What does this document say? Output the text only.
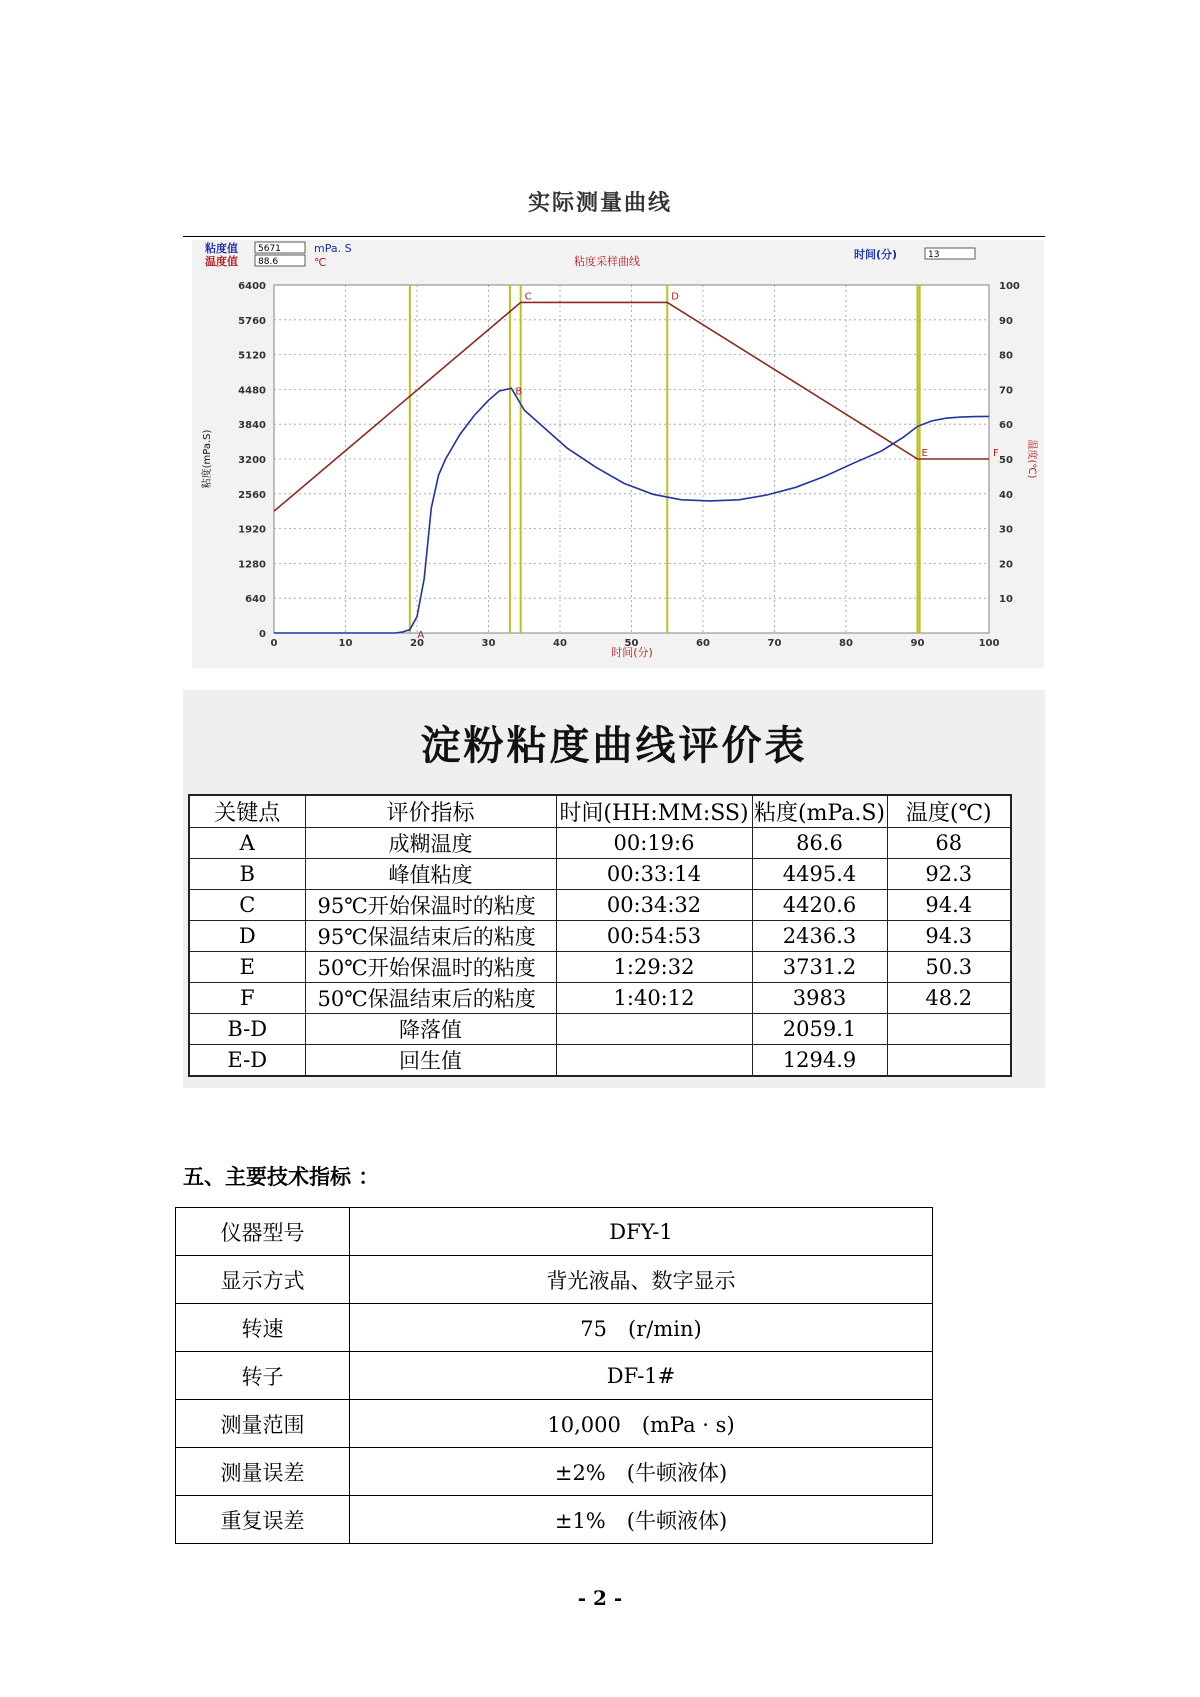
实际测量曲线
粘度值 5671	mPa. S
温度值 88.6	℃	粘度采样曲线
时间(分)	13
A
B
C	D
E	F
0	10	20	30	40	50	60	70	80	90	100
0
640
1280
1920
2560
3200
3840
4480
5120
5760
6400
10
20
30
40
50
60
70
80
90
100
粘度(mPa.S)	温度(℃)
时间(分)
淀粉粘度曲线评价表
关键点	评价指标	时间(HH:MM:SS)	粘度(mPa.S)	温度(℃)
A	成糊温度	00:19:6	86.6	68
B	峰值粘度	00:33:14	4495.4	92.3
C	95℃开始保温时的粘度	00:34:32	4420.6	94.4
D	95℃保温结束后的粘度	00:54:53	2436.3	94.3
E	50℃开始保温时的粘度	1:29:32	3731.2	50.3
F	50℃保温结束后的粘度	1:40:12	3983	48.2
B-D	降落值		2059.1	
E-D	回生值		1294.9	
五、主要技术指标 ：
仪器型号	DFY-1
显示方式	背光液晶、数字显示
转速	75　(r/min)
转子	DF-1#
测量范围	10,000　(mPa · s)
测量误差	±2%　(牛顿液体)
重复误差	±1%　(牛顿液体)
- 2 -
